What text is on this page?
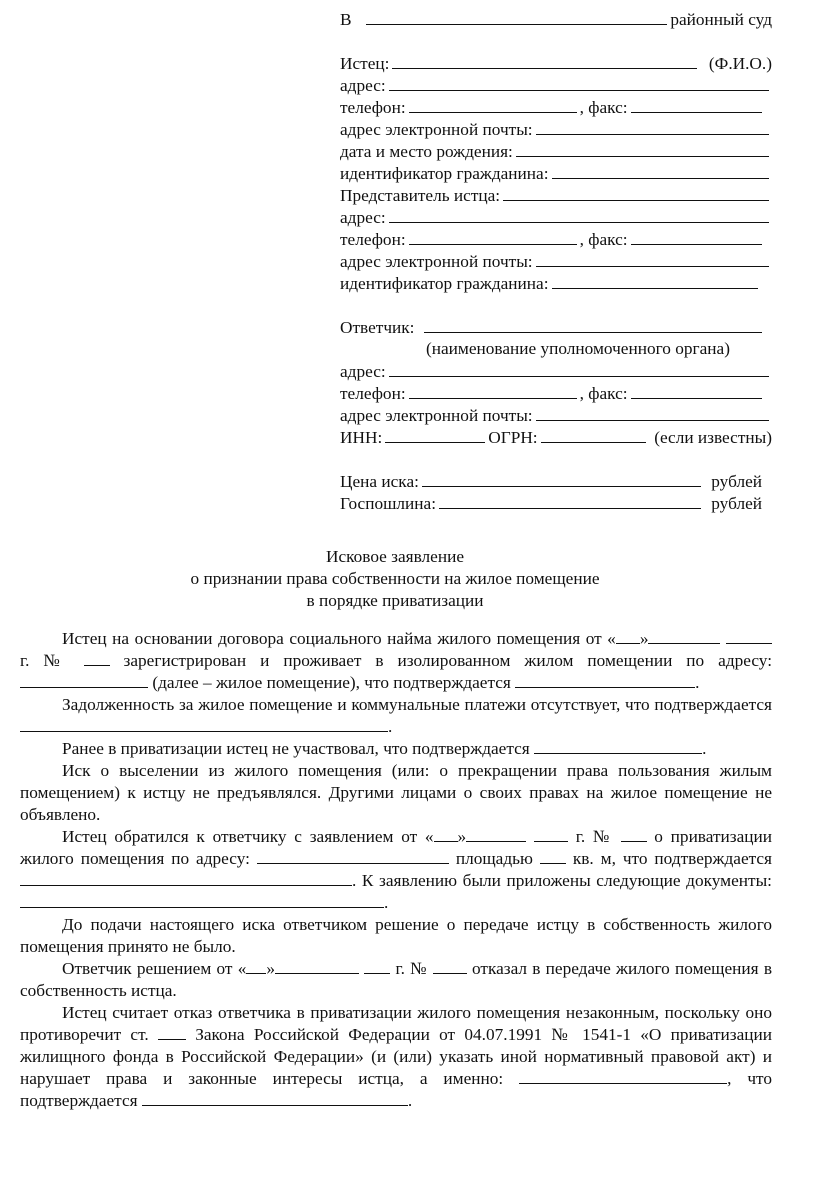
В	районный суд
Истец:	(Ф.И.О.)
адрес:
телефон:	, факс:
адрес электронной почты:
дата и место рождения:
идентификатор гражданина:
Представитель истца:
адрес:
телефон:	, факс:
адрес электронной почты:
идентификатор гражданина:
Ответчик:
(наименование уполномоченного органа)
адрес:
телефон:	, факс:
адрес электронной почты:
ИНН:	ОГРН:	(если известны)
Цена иска:	рублей
Госпошлина:	рублей
Исковое заявление
о признании права собственности на жилое помещение
в порядке приватизации

Истец на основании договора социального найма жилого помещения от « »  г. №	зарегистрирован и проживает в изолированном жилом помещении по адресу:  (далее – жилое помещение), что подтверждается	.

Задолженность за жилое помещение и коммунальные платежи отсутствует, что подтверждается .

Ранее в приватизации истец не участвовал, что подтверждается	.

Иск о выселении из жилого помещения (или: о прекращении права пользования жилым помещением) к истцу не предъявлялся. Другими лицами о своих правах на жилое помещение не объявлено.

Истец обратился к ответчику с заявлением от « »	г. № о приватизации жилого помещения по адресу:	площадью кв. м, что подтверждается . К заявлению были приложены следующие документы: .

До подачи настоящего иска ответчиком решение о передаче истцу в собственность жилого помещения принято не было.

Ответчик решением от « »	г. №	отказал в передаче жилого помещения в собственность истца.

Истец считает отказ ответчика в приватизации жилого помещения незаконным, поскольку оно противоречит ст.	Закона Российской Федерации от 04.07.1991 № 1541-1 «О приватизации жилищного фонда в Российской Федерации» (и (или) указать иной нормативный правовой акт) и нарушает права и законные интересы истца, а именно:	, что подтверждается	.
